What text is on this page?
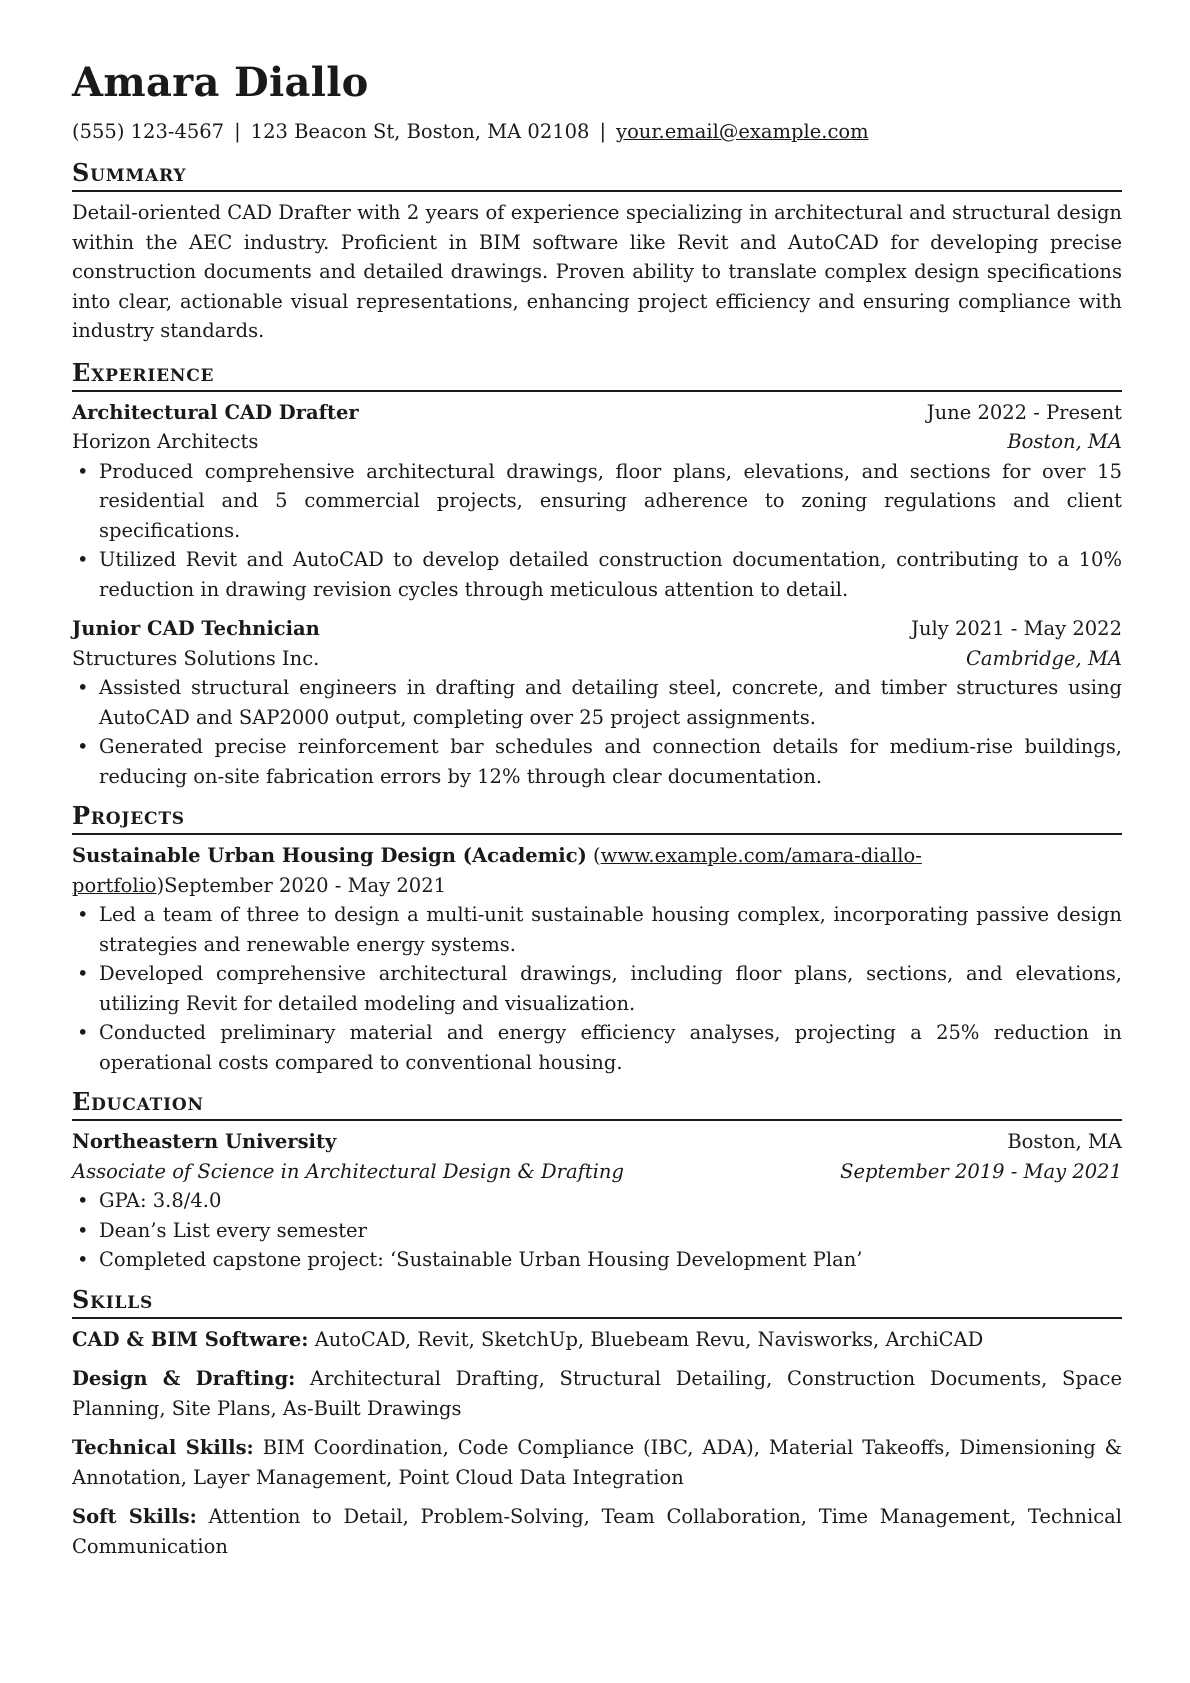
Amara Diallo
(555) 123-4567 | 123 Beacon St, Boston, MA 02108 | your.email@example.com
Summary
Detail-oriented CAD Drafter with 2 years of experience specializing in architectural and structural design within the AEC industry. Proficient in BIM software like Revit and AutoCAD for developing precise construction documents and detailed drawings. Proven ability to translate complex design specifications into clear, actionable visual representations, enhancing project efficiency and ensuring compliance with industry standards.
Experience
Architectural CAD Drafter	June 2022 - Present
Horizon Architects	Boston, MA
• Produced comprehensive architectural drawings, floor plans, elevations, and sections for over 15 residential and 5 commercial projects, ensuring adherence to zoning regulations and client specifications.
• Utilized Revit and AutoCAD to develop detailed construction documentation, contributing to a 10% reduction in drawing revision cycles through meticulous attention to detail.
Junior CAD Technician	July 2021 - May 2022
Structures Solutions Inc.	Cambridge, MA
• Assisted structural engineers in drafting and detailing steel, concrete, and timber structures using AutoCAD and SAP2000 output, completing over 25 project assignments.
• Generated precise reinforcement bar schedules and connection details for medium-rise buildings, reducing on-site fabrication errors by 12% through clear documentation.
Projects
Sustainable Urban Housing Design (Academic) (www.example.com/amara-diallo-portfolio)September 2020 - May 2021
• Led a team of three to design a multi-unit sustainable housing complex, incorporating passive design strategies and renewable energy systems.
• Developed comprehensive architectural drawings, including floor plans, sections, and elevations, utilizing Revit for detailed modeling and visualization.
• Conducted preliminary material and energy efficiency analyses, projecting a 25% reduction in operational costs compared to conventional housing.
Education
Northeastern University	Boston, MA
Associate of Science in Architectural Design & Drafting	September 2019 - May 2021
• GPA: 3.8/4.0
• Dean’s List every semester
• Completed capstone project: ‘Sustainable Urban Housing Development Plan’
Skills
CAD & BIM Software: AutoCAD, Revit, SketchUp, Bluebeam Revu, Navisworks, ArchiCAD
Design & Drafting: Architectural Drafting, Structural Detailing, Construction Documents, Space Planning, Site Plans, As-Built Drawings
Technical Skills: BIM Coordination, Code Compliance (IBC, ADA), Material Takeoffs, Dimensioning & Annotation, Layer Management, Point Cloud Data Integration
Soft Skills: Attention to Detail, Problem-Solving, Team Collaboration, Time Management, Technical Communication
